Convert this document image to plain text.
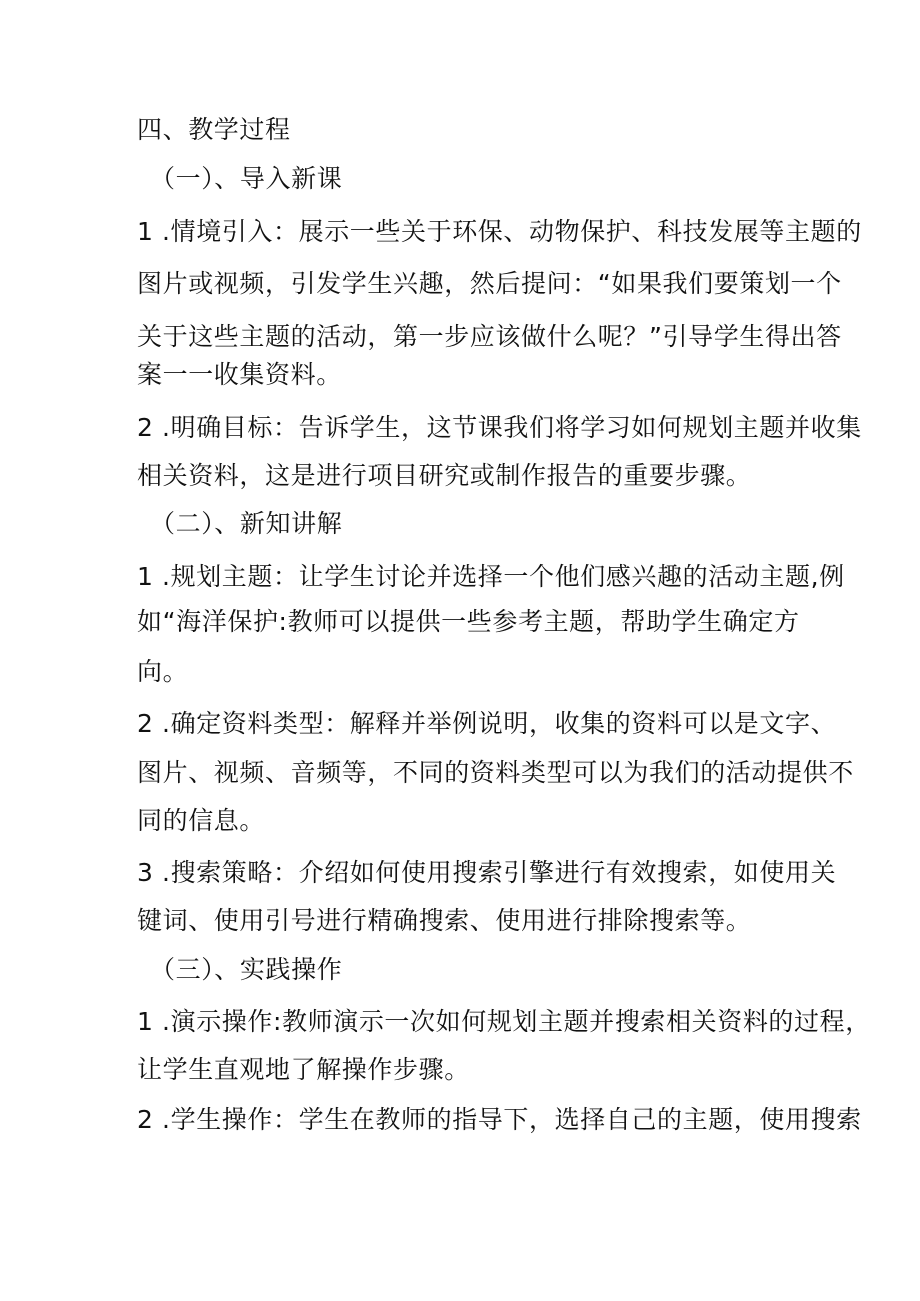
四、教学过程
（一）、导入新课
1 .情境引入：展示一些关于环保、动物保护、科技发展等主题的
图片或视频，引发学生兴趣，然后提问：“如果我们要策划一个
关于这些主题的活动，第一步应该做什么呢？”引导学生得出答
案一一收集资料。
2 .明确目标：告诉学生，这节课我们将学习如何规划主题并收集
相关资料，这是进行项目研究或制作报告的重要步骤。
（二）、新知讲解
1 .规划主题：让学生讨论并选择一个他们感兴趣的活动主题,例
如“海洋保护:教师可以提供一些参考主题，帮助学生确定方
向。
2 .确定资料类型：解释并举例说明，收集的资料可以是文字、
图片、视频、音频等，不同的资料类型可以为我们的活动提供不
同的信息。
3 .搜索策略：介绍如何使用搜索引擎进行有效搜索，如使用关
键词、使用引号进行精确搜索、使用进行排除搜索等。
（三）、实践操作
1 .演示操作:教师演示一次如何规划主题并搜索相关资料的过程，
让学生直观地了解操作步骤。
2 .学生操作：学生在教师的指导下，选择自己的主题，使用搜索
